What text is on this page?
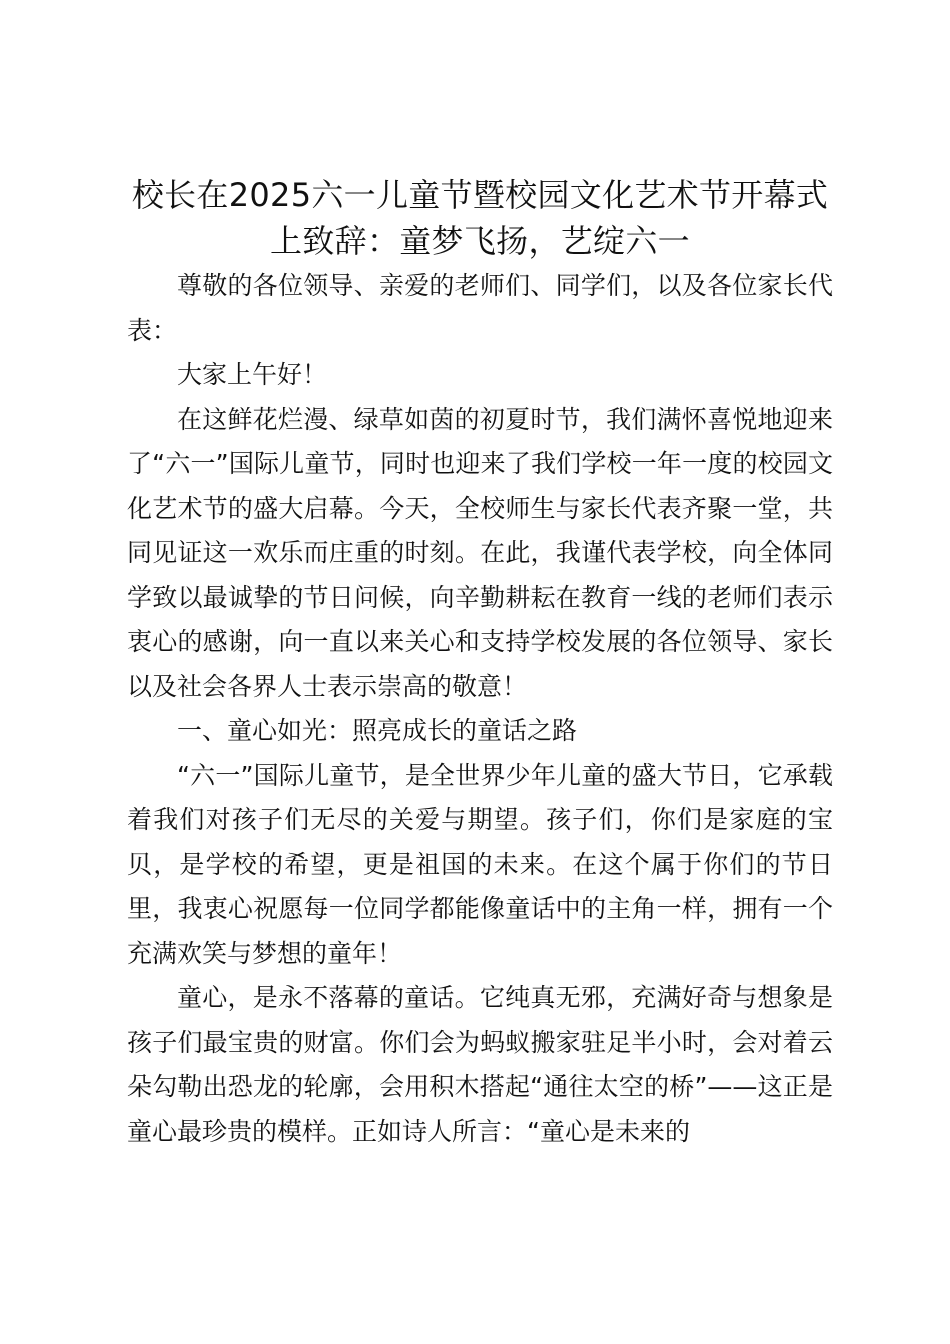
校长在2025六一儿童节暨校园文化艺术节开幕式上致辞：童梦飞扬，艺绽六一

尊敬的各位领导、亲爱的老师们、同学们，以及各位家长代表：

大家上午好！

在这鲜花烂漫、绿草如茵的初夏时节，我们满怀喜悦地迎来了“六一”国际儿童节，同时也迎来了我们学校一年一度的校园文化艺术节的盛大启幕。今天，全校师生与家长代表齐聚一堂，共同见证这一欢乐而庄重的时刻。在此，我谨代表学校，向全体同学致以最诚挚的节日问候，向辛勤耕耘在教育一线的老师们表示衷心的感谢，向一直以来关心和支持学校发展的各位领导、家长以及社会各界人士表示崇高的敬意！

一、童心如光：照亮成长的童话之路

“六一”国际儿童节，是全世界少年儿童的盛大节日，它承载着我们对孩子们无尽的关爱与期望。孩子们，你们是家庭的宝贝，是学校的希望，更是祖国的未来。在这个属于你们的节日里，我衷心祝愿每一位同学都能像童话中的主角一样，拥有一个充满欢笑与梦想的童年！

童心，是永不落幕的童话。它纯真无邪，充满好奇与想象是孩子们最宝贵的财富。你们会为蚂蚁搬家驻足半小时，会对着云朵勾勒出恐龙的轮廓，会用积木搭起“通往太空的桥”——这正是童心最珍贵的模样。正如诗人所言：“童心是未来的
